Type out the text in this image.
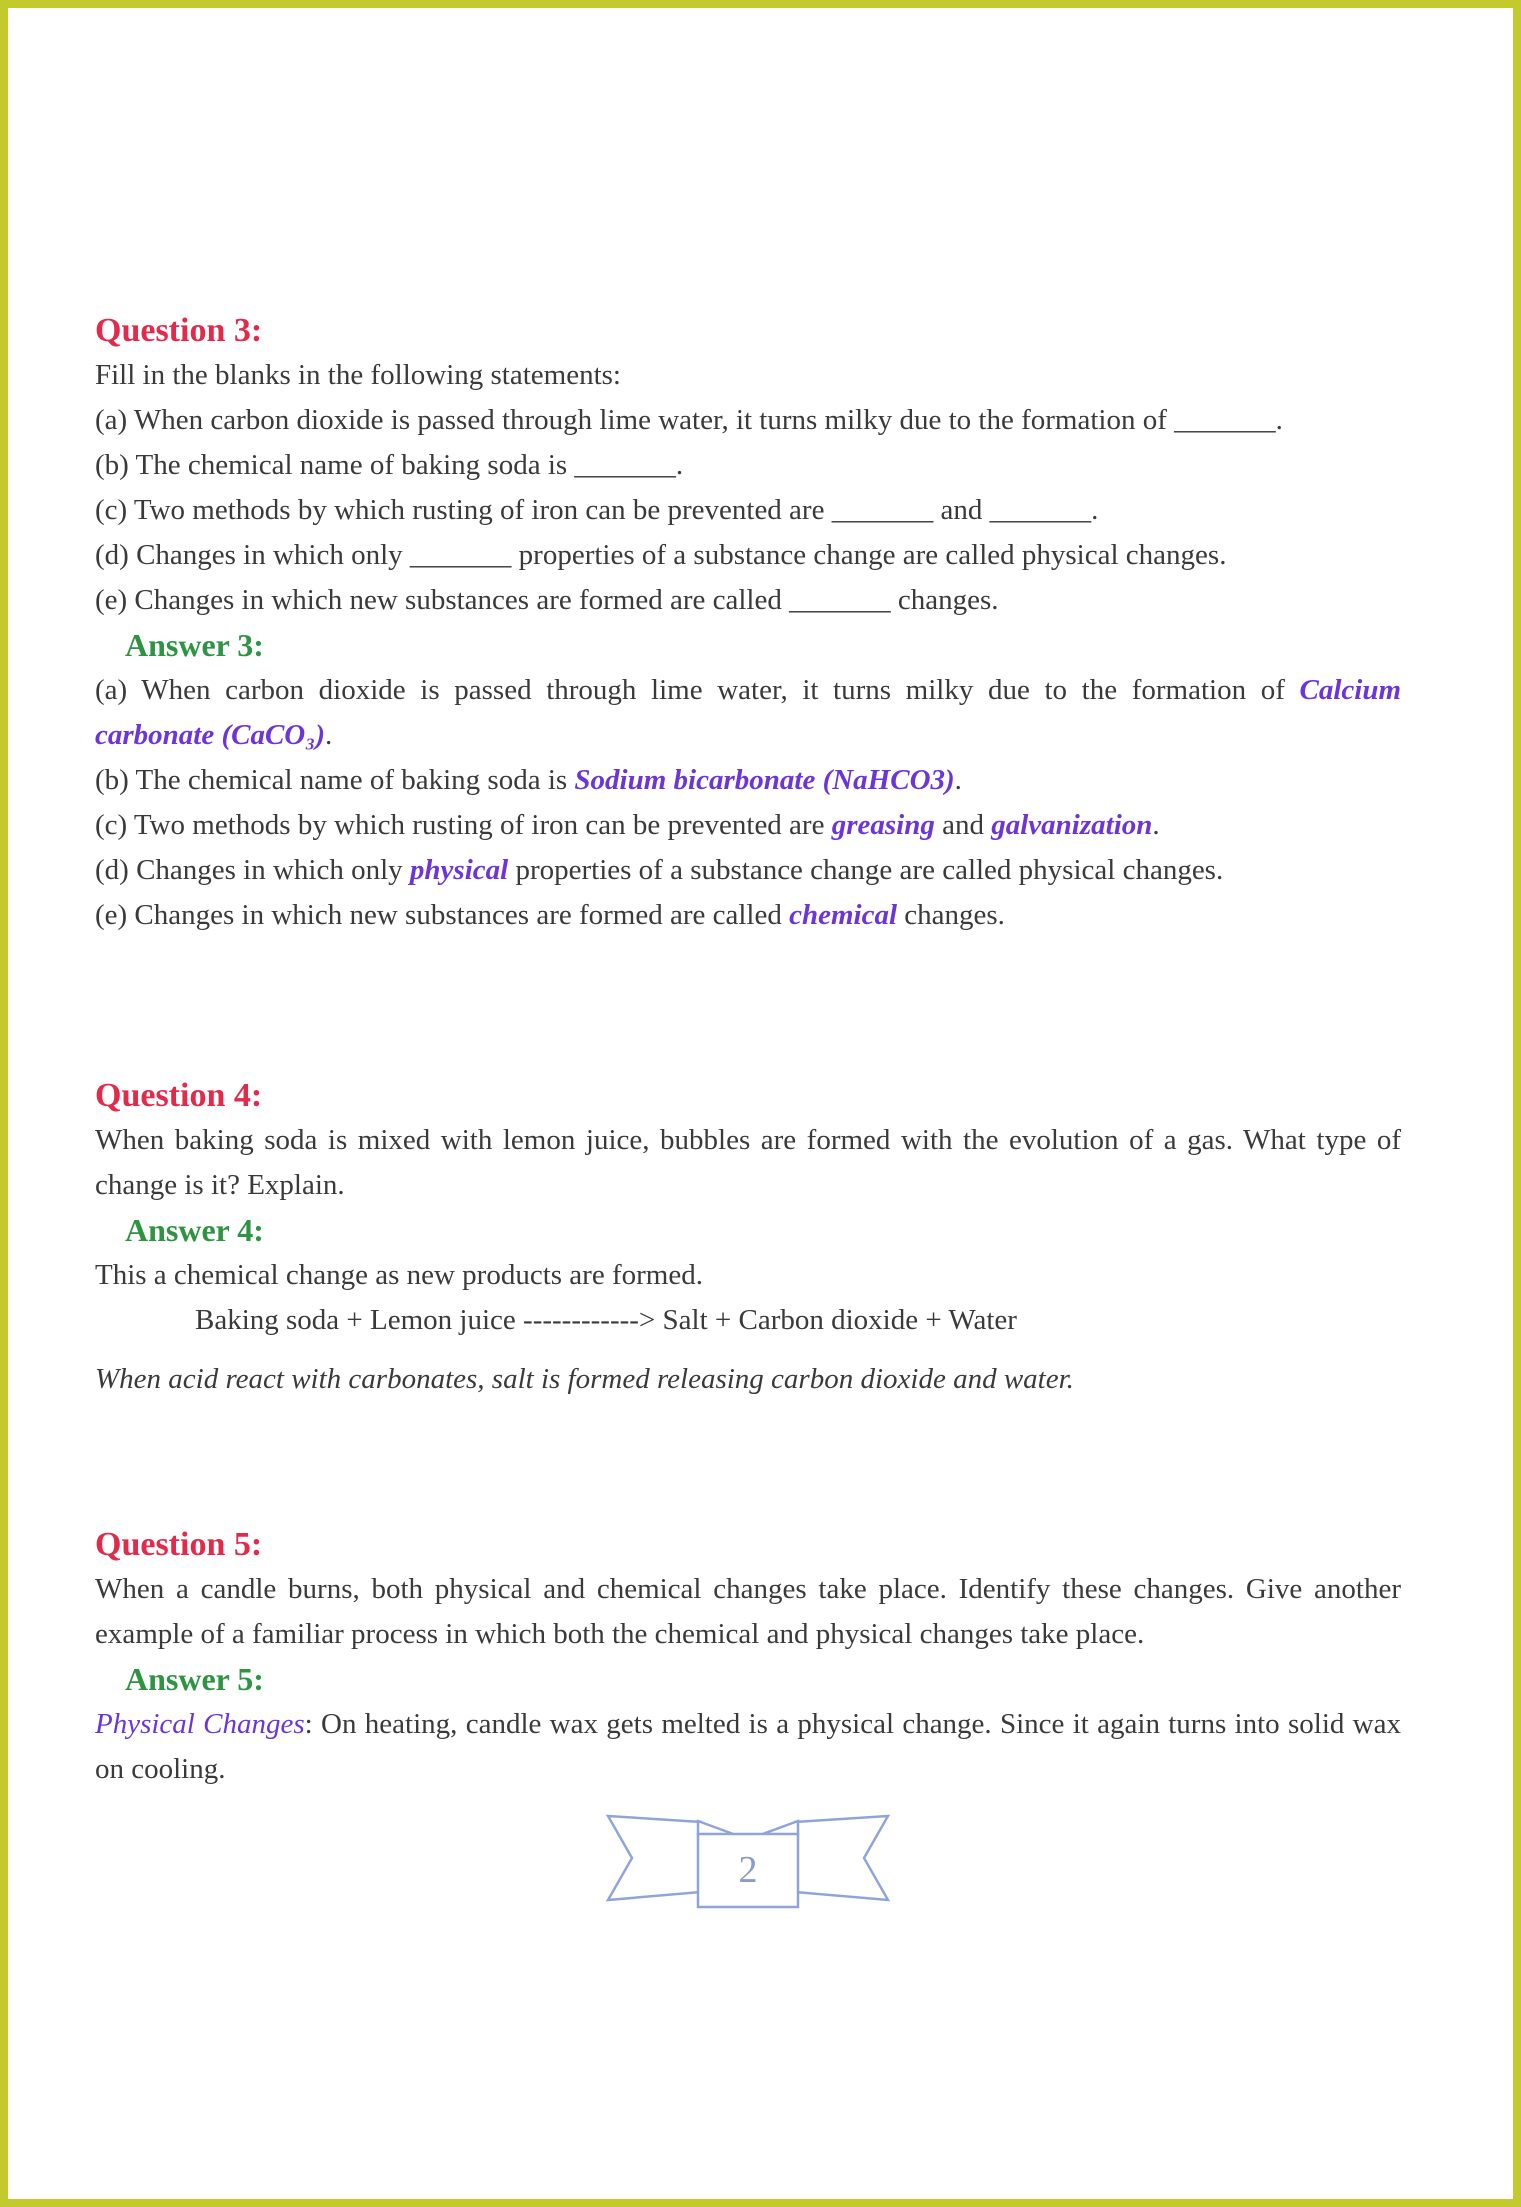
Question 3:

Fill in the blanks in the following statements:

(a) When carbon dioxide is passed through lime water, it turns milky due to the formation of _______.

(b) The chemical name of baking soda is _______.

(c) Two methods by which rusting of iron can be prevented are _______ and _______.

(d) Changes in which only _______ properties of a substance change are called physical changes.

(e) Changes in which new substances are formed are called _______ changes.

Answer 3:

(a) When carbon dioxide is passed through lime water, it turns milky due to the formation of Calcium carbonate (CaCO₃).

(b) The chemical name of baking soda is Sodium bicarbonate (NaHCO3).

(c) Two methods by which rusting of iron can be prevented are greasing and galvanization.

(d) Changes in which only physical properties of a substance change are called physical changes.

(e) Changes in which new substances are formed are called chemical changes.

Question 4:

When baking soda is mixed with lemon juice, bubbles are formed with the evolution of a gas. What type of change is it? Explain.

Answer 4:

This a chemical change as new products are formed.

Baking soda + Lemon juice ------------> Salt + Carbon dioxide + Water

When acid react with carbonates, salt is formed releasing carbon dioxide and water.

Question 5:

When a candle burns, both physical and chemical changes take place. Identify these changes. Give another example of a familiar process in which both the chemical and physical changes take place.

Answer 5:

Physical Changes: On heating, candle wax gets melted is a physical change. Since it again turns into solid wax on cooling.

2
